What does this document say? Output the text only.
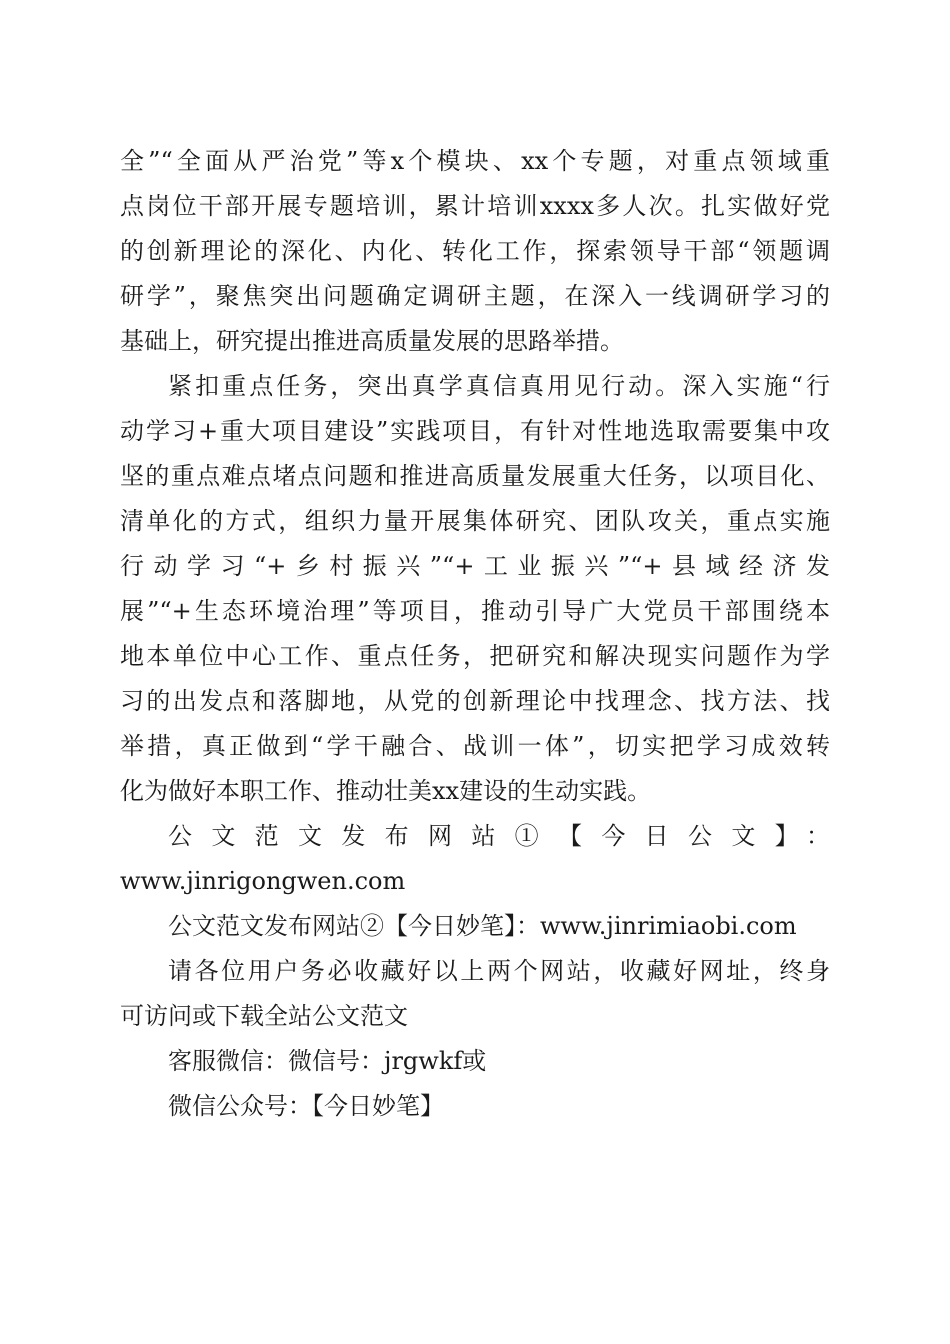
全”“全面从严治党”等x个模块、xx个专题，对重点领域重
点岗位干部开展专题培训，累计培训xxxx多人次。扎实做好党
的创新理论的深化、内化、转化工作，探索领导干部“领题调
研学”，聚焦突出问题确定调研主题，在深入一线调研学习的
基础上，研究提出推进高质量发展的思路举措。
紧扣重点任务，突出真学真信真用见行动。深入实施“行
动学习+重大项目建设”实践项目，有针对性地选取需要集中攻
坚的重点难点堵点问题和推进高质量发展重大任务，以项目化、
清单化的方式，组织力量开展集体研究、团队攻关，重点实施
行动学习“+乡村振兴”“+工业振兴”“+县域经济发
展”“+生态环境治理”等项目，推动引导广大党员干部围绕本
地本单位中心工作、重点任务，把研究和解决现实问题作为学
习的出发点和落脚地，从党的创新理论中找理念、找方法、找
举措，真正做到“学干融合、战训一体”，切实把学习成效转
化为做好本职工作、推动壮美xx建设的生动实践。
公文范文发布网站①【今日公文】：
www.jinrigongwen.com
公文范文发布网站②【今日妙笔】：www.jinrimiaobi.com
请各位用户务必收藏好以上两个网站，收藏好网址，终身
可访问或下载全站公文范文
客服微信：微信号：jrgwkf或
微信公众号：【今日妙笔】
